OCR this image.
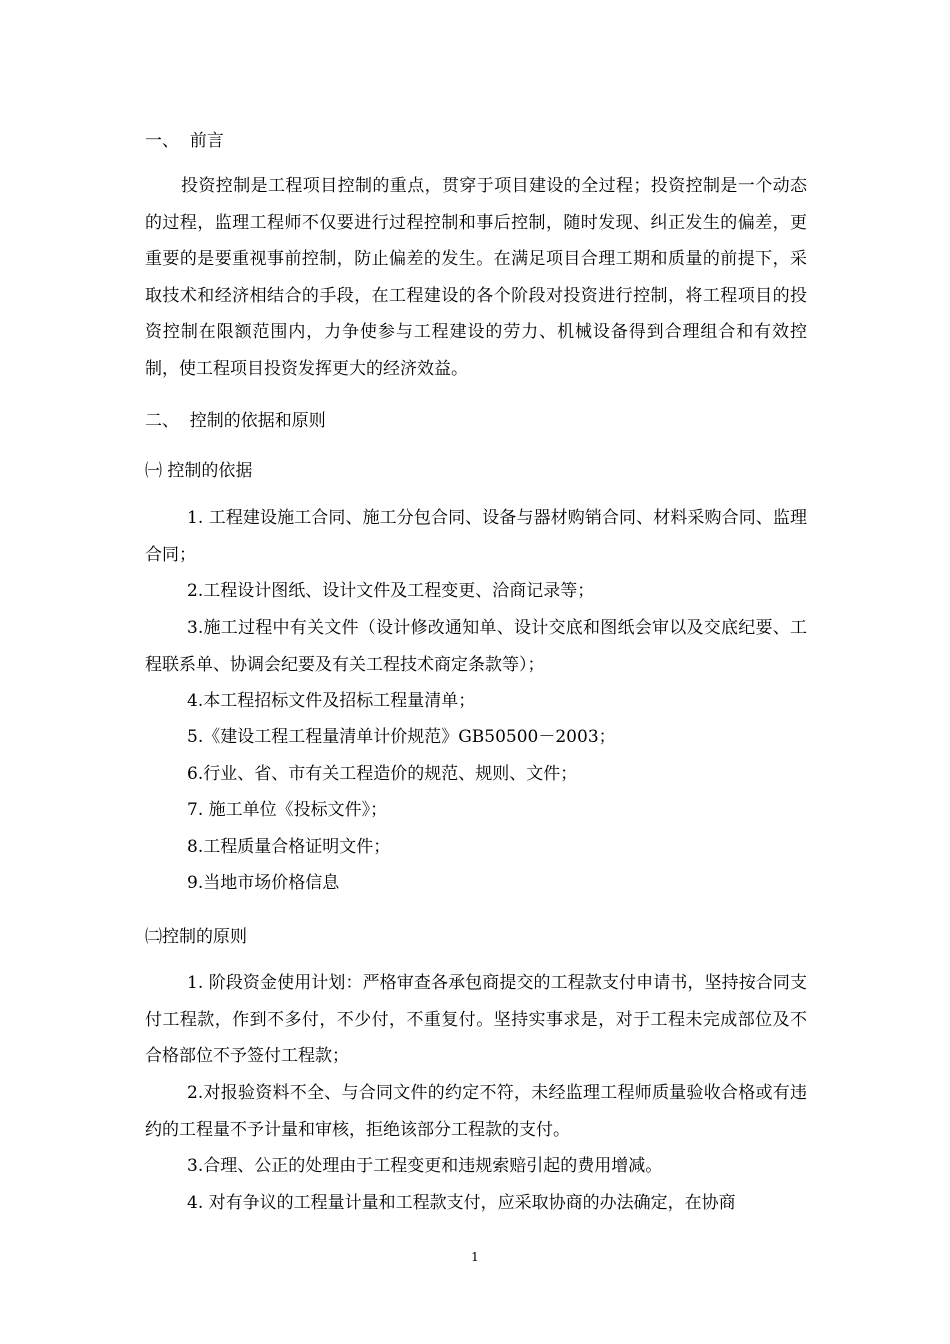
一、  前言

投资控制是工程项目控制的重点，贯穿于项目建设的全过程；投资控制是一个动态的过程，监理工程师不仅要进行过程控制和事后控制，随时发现、纠正发生的偏差，更重要的是要重视事前控制，防止偏差的发生。在满足项目合理工期和质量的前提下，采取技术和经济相结合的手段，在工程建设的各个阶段对投资进行控制，将工程项目的投资控制在限额范围内，力争使参与工程建设的劳力、机械设备得到合理组合和有效控制，使工程项目投资发挥更大的经济效益。

二、  控制的依据和原则
㈠ 控制的依据

1. 工程建设施工合同、施工分包合同、设备与器材购销合同、材料采购合同、监理合同；

2.工程设计图纸、设计文件及工程变更、洽商记录等；

3.施工过程中有关文件（设计修改通知单、设计交底和图纸会审以及交底纪要、工程联系单、协调会纪要及有关工程技术商定条款等）；

4.本工程招标文件及招标工程量清单；

5.《建设工程工程量清单计价规范》GB50500－2003；

6.行业、省、市有关工程造价的规范、规则、文件；

7. 施工单位《投标文件》；

8.工程质量合格证明文件；

9.当地市场价格信息

㈡控制的原则

1. 阶段资金使用计划：严格审查各承包商提交的工程款支付申请书，坚持按合同支付工程款，作到不多付，不少付，不重复付。坚持实事求是，对于工程未完成部位及不合格部位不予签付工程款；

2.对报验资料不全、与合同文件的约定不符，未经监理工程师质量验收合格或有违约的工程量不予计量和审核，拒绝该部分工程款的支付。

3.合理、公正的处理由于工程变更和违规索赔引起的费用增减。

4. 对有争议的工程量计量和工程款支付，应采取协商的办法确定，在协商

1
